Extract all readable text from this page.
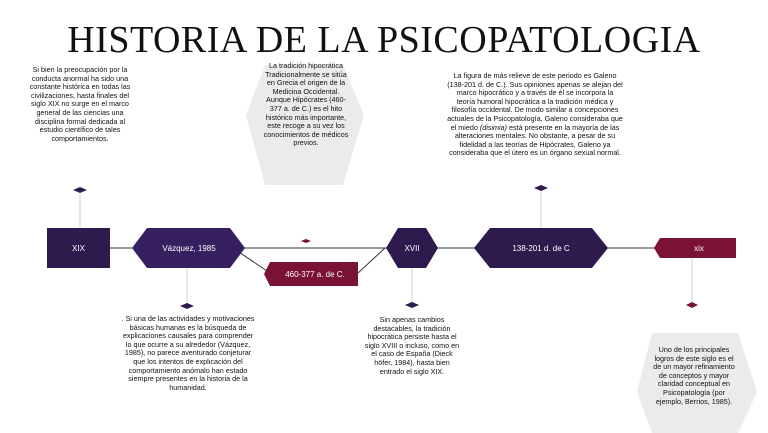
HISTORIA DE LA PSICOPATOLOGIA
XIX	Vázquez, 1985
460-377 a. de C.
XVII	138-201 d. de C	xix

Si bien la preocupación por la conducta anormal ha sido una constante histórica en todas las civilizaciones, hasta finales del siglo XIX no surge en el marco general de las ciencias una disciplina formal dedicada al estudio científico de tales comportamientos.

La tradición hipocrática Tradicionalmente se sitúa en Grecia el origen de la Medicina Occidental. Aunque Hipócrates (460-377 a. de C.) es el hito histórico más importante, este recoge a su vez los conocimientos de médicos previos.

La figura de más relieve de este periodo es Galeno (138-201 d. de C.). Sus opiniones apenas se alejan del marco hipocrático y a través de él se incorpora la teoría humoral hipocrática a la tradición médica y filosofía occidental. De modo similar a concepciones actuales de la Psicopatología, Galeno consideraba que

el miedo (disimia) está presente en la mayoría de las alteraciones mentales. No obstante, a pesar de su fidelidad a las teorías de Hipócrates, Galeno ya consideraba que el útero es un órgano sexual normal.

. Si una de las actividades y motivaciones básicas humanas es la búsqueda de explicaciones causales para comprender lo que ocurre a su alrededor (Vázquez, 1985), no parece aventurado conjeturar que los intentos de explicación del comportamiento anómalo han estado siempre presentes en la historia de la humanidad.

Sin apenas cambios destacables, la tradición hipocrática persiste hasta el siglo XVIII o incluso, como en el caso de España (Dieck höfer, 1984), hasta bien entrado el siglo XIX.

Uno de los principales logros de este siglo es el de un mayor refinamiento de conceptos y mayor claridad conceptual en Psicopatología (por ejemplo, Berrios, 1985).
